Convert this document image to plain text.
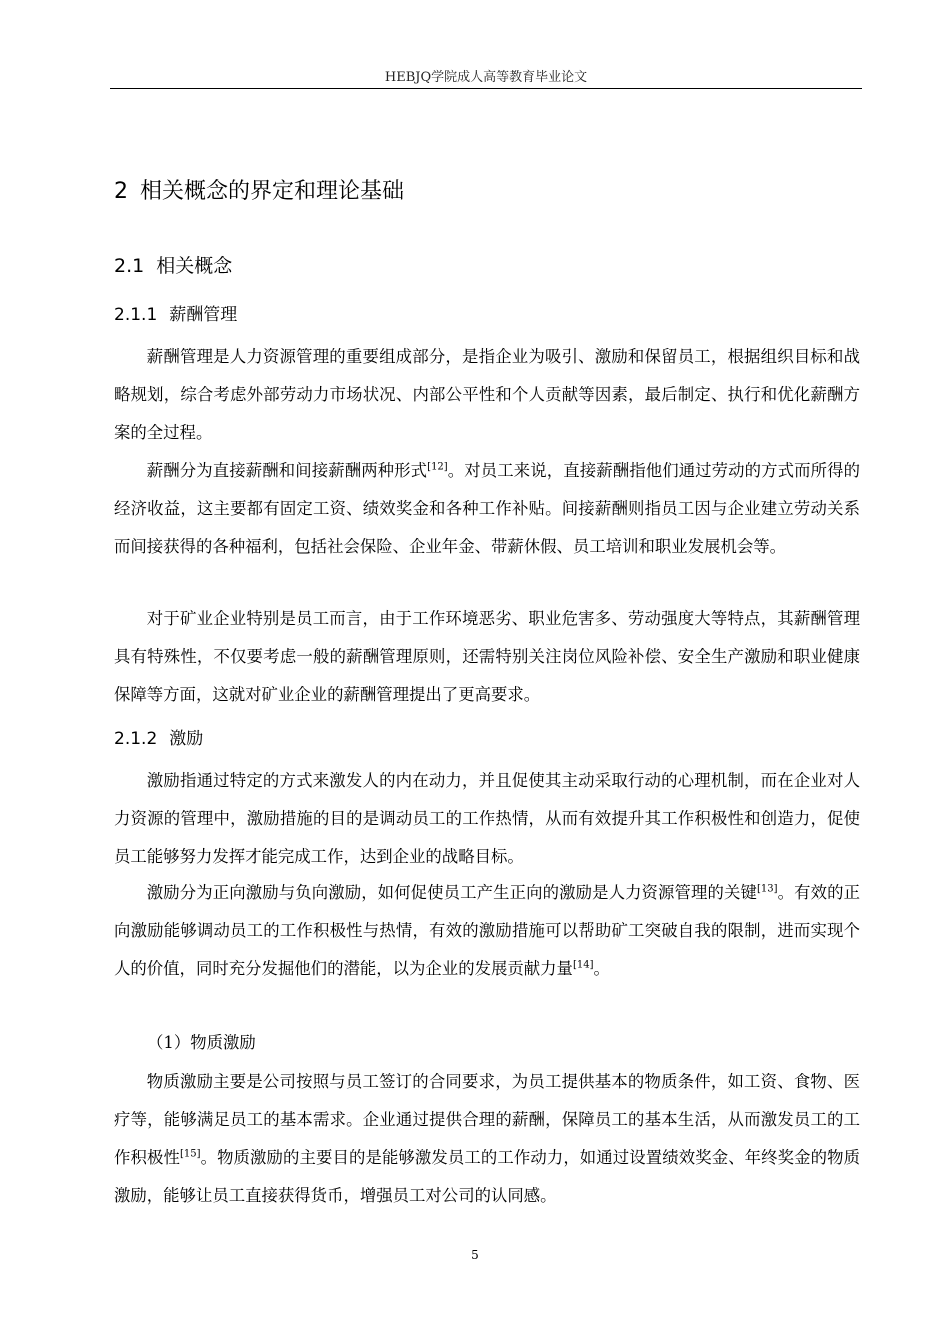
HEBJQ学院成人高等教育毕业论文
2 相关概念的界定和理论基础
2.1 相关概念
2.1.1 薪酬管理

薪酬管理是人力资源管理的重要组成部分，是指企业为吸引、激励和保留员工，根据组织目标和战略规划，综合考虑外部劳动力市场状况、内部公平性和个人贡献等因素，最后制定、执行和优化薪酬方案的全过程。

薪酬分为直接薪酬和间接薪酬两种形式[12]。对员工来说，直接薪酬指他们通过劳动的方式而所得的经济收益，这主要都有固定工资、绩效奖金和各种工作补贴。间接薪酬则指员工因与企业建立劳动关系而间接获得的各种福利，包括社会保险、企业年金、带薪休假、员工培训和职业发展机会等。

对于矿业企业特别是员工而言，由于工作环境恶劣、职业危害多、劳动强度大等特点，其薪酬管理具有特殊性，不仅要考虑一般的薪酬管理原则，还需特别关注岗位风险补偿、安全生产激励和职业健康保障等方面，这就对矿业企业的薪酬管理提出了更高要求。

2.1.2 激励

激励指通过特定的方式来激发人的内在动力，并且促使其主动采取行动的心理机制，而在企业对人力资源的管理中，激励措施的目的是调动员工的工作热情，从而有效提升其工作积极性和创造力，促使员工能够努力发挥才能完成工作，达到企业的战略目标。

激励分为正向激励与负向激励，如何促使员工产生正向的激励是人力资源管理的关键[13]。有效的正向激励能够调动员工的工作积极性与热情，有效的激励措施可以帮助矿工突破自我的限制，进而实现个人的价值，同时充分发掘他们的潜能，以为企业的发展贡献力量[14]。

（1）物质激励

物质激励主要是公司按照与员工签订的合同要求，为员工提供基本的物质条件，如工资、食物、医疗等，能够满足员工的基本需求。企业通过提供合理的薪酬，保障员工的基本生活，从而激发员工的工作积极性[15]。物质激励的主要目的是能够激发员工的工作动力，如通过设置绩效奖金、年终奖金的物质激励，能够让员工直接获得货币，增强员工对公司的认同感。

5
